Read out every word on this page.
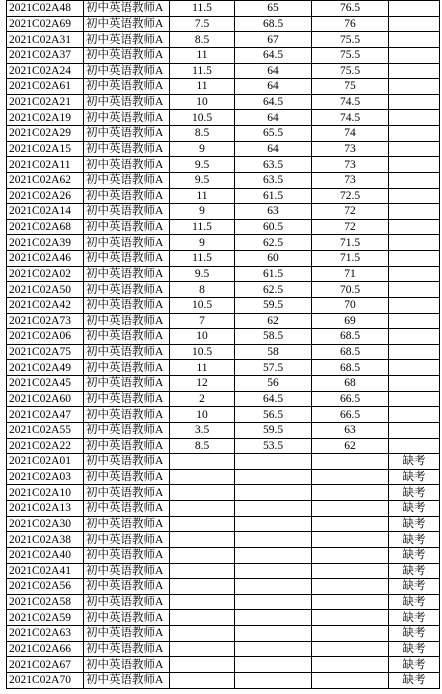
2021C02A48	初中英语教师A	11.5	65	76.5	
2021C02A69	初中英语教师A	7.5	68.5	76	
2021C02A31	初中英语教师A	8.5	67	75.5	
2021C02A37	初中英语教师A	11	64.5	75.5	
2021C02A24	初中英语教师A	11.5	64	75.5	
2021C02A61	初中英语教师A	11	64	75	
2021C02A21	初中英语教师A	10	64.5	74.5	
2021C02A19	初中英语教师A	10.5	64	74.5	
2021C02A29	初中英语教师A	8.5	65.5	74	
2021C02A15	初中英语教师A	9	64	73	
2021C02A11	初中英语教师A	9.5	63.5	73	
2021C02A62	初中英语教师A	9.5	63.5	73	
2021C02A26	初中英语教师A	11	61.5	72.5	
2021C02A14	初中英语教师A	9	63	72	
2021C02A68	初中英语教师A	11.5	60.5	72	
2021C02A39	初中英语教师A	9	62.5	71.5	
2021C02A46	初中英语教师A	11.5	60	71.5	
2021C02A02	初中英语教师A	9.5	61.5	71	
2021C02A50	初中英语教师A	8	62.5	70.5	
2021C02A42	初中英语教师A	10.5	59.5	70	
2021C02A73	初中英语教师A	7	62	69	
2021C02A06	初中英语教师A	10	58.5	68.5	
2021C02A75	初中英语教师A	10.5	58	68.5	
2021C02A49	初中英语教师A	11	57.5	68.5	
2021C02A45	初中英语教师A	12	56	68	
2021C02A60	初中英语教师A	2	64.5	66.5	
2021C02A47	初中英语教师A	10	56.5	66.5	
2021C02A55	初中英语教师A	3.5	59.5	63	
2021C02A22	初中英语教师A	8.5	53.5	62	
2021C02A01	初中英语教师A				缺考
2021C02A03	初中英语教师A				缺考
2021C02A10	初中英语教师A				缺考
2021C02A13	初中英语教师A				缺考
2021C02A30	初中英语教师A				缺考
2021C02A38	初中英语教师A				缺考
2021C02A40	初中英语教师A				缺考
2021C02A41	初中英语教师A				缺考
2021C02A56	初中英语教师A				缺考
2021C02A58	初中英语教师A				缺考
2021C02A59	初中英语教师A				缺考
2021C02A63	初中英语教师A				缺考
2021C02A66	初中英语教师A				缺考
2021C02A67	初中英语教师A				缺考
2021C02A70	初中英语教师A				缺考
